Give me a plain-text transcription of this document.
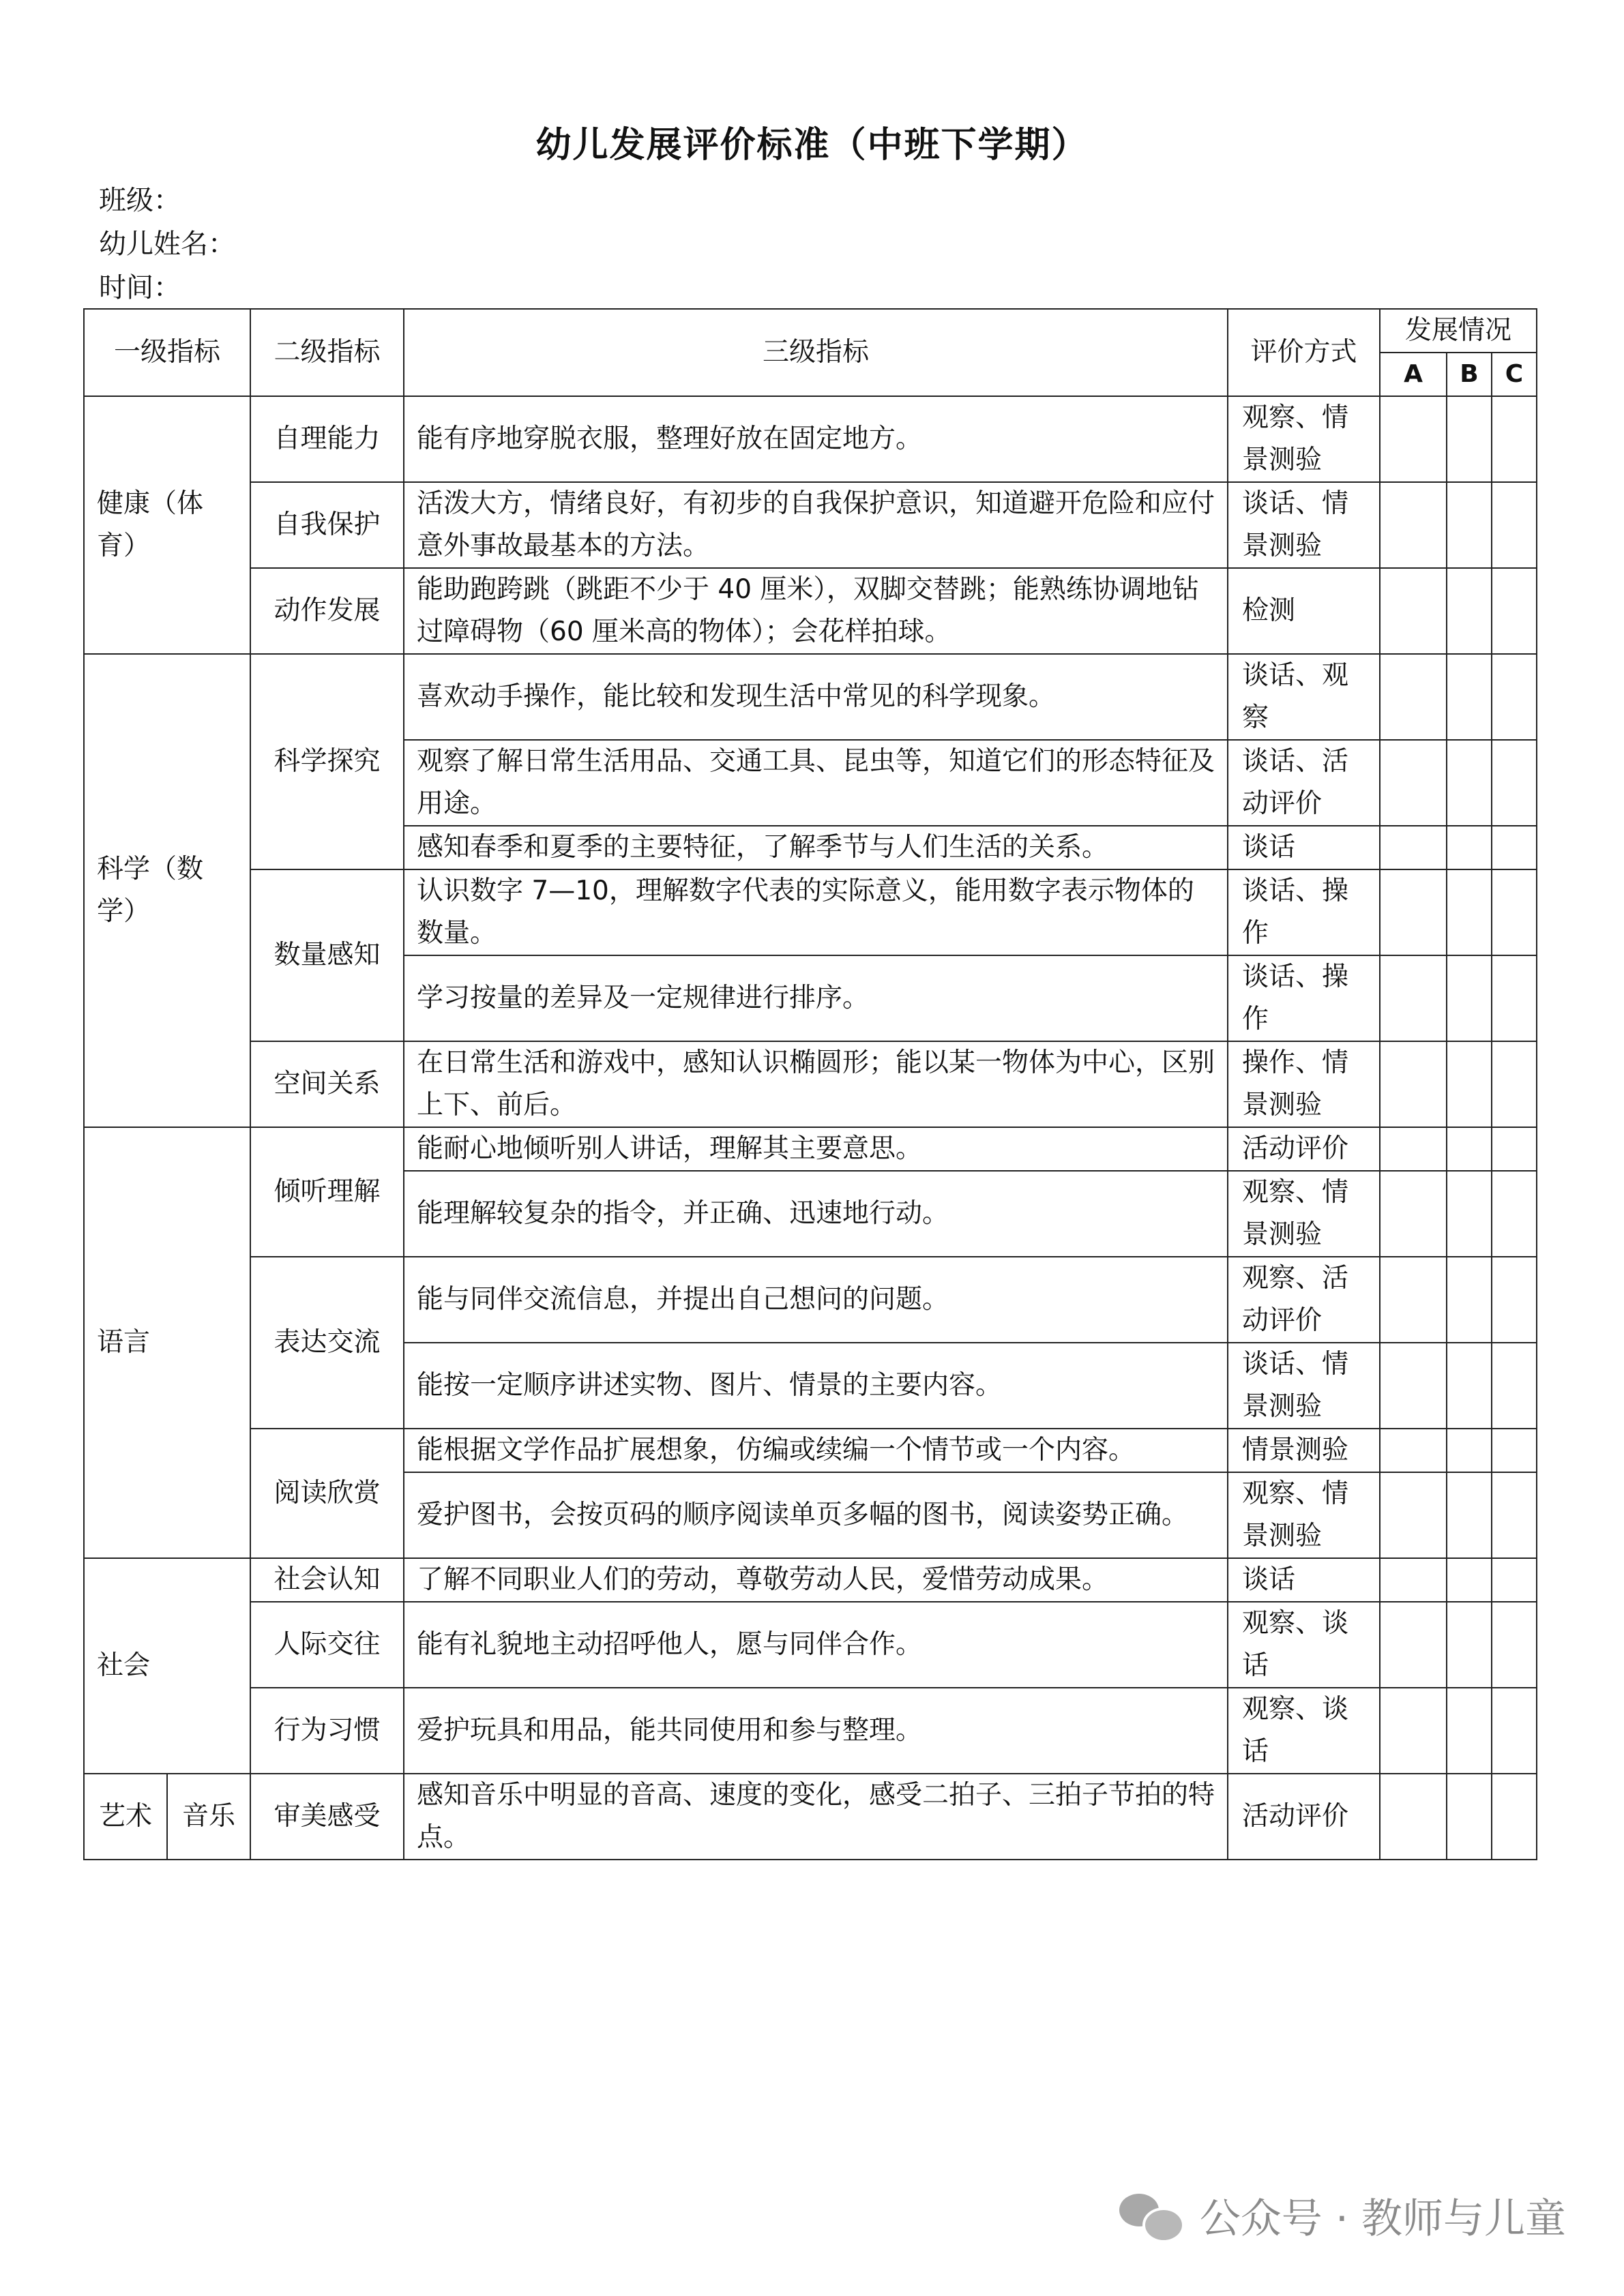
幼儿发展评价标准（中班下学期）
班级：
幼儿姓名：
时间：
一级指标		二级指标	三级指标	评价方式	发展情况		
					A	B	C
健康（体育）		自理能力	能有序地穿脱衣服，整理好放在固定地方。	观察、情景测验			
		自我保护	活泼大方，情绪良好，有初步的自我保护意识，知道避开危险和应付意外事故最基本的方法。	谈话、情景测验			
		动作发展	能助跑跨跳（跳距不少于 40 厘米），双脚交替跳；能熟练协调地钻过障碍物（60 厘米高的物体）；会花样拍球。	检测			
科学（数学）		科学探究	喜欢动手操作，能比较和发现生活中常见的科学现象。	谈话、观察			
			观察了解日常生活用品、交通工具、昆虫等，知道它们的形态特征及用途。	谈话、活动评价			
			感知春季和夏季的主要特征，了解季节与人们生活的关系。	谈话			
		数量感知	认识数字 7—10，理解数字代表的实际意义，能用数字表示物体的数量。	谈话、操作			
			学习按量的差异及一定规律进行排序。	谈话、操作			
		空间关系	在日常生活和游戏中，感知认识椭圆形；能以某一物体为中心，区别上下、前后。	操作、情景测验			
语言		倾听理解	能耐心地倾听别人讲话，理解其主要意思。	活动评价			
			能理解较复杂的指令，并正确、迅速地行动。	观察、情景测验			
		表达交流	能与同伴交流信息，并提出自己想问的问题。	观察、活动评价			
			能按一定顺序讲述实物、图片、情景的主要内容。	谈话、情景测验			
		阅读欣赏	能根据文学作品扩展想象，仿编或续编一个情节或一个内容。	情景测验			
			爱护图书，会按页码的顺序阅读单页多幅的图书，阅读姿势正确。	观察、情景测验			
社会		社会认知	了解不同职业人们的劳动，尊敬劳动人民，爱惜劳动成果。	谈话			
		人际交往	能有礼貌地主动招呼他人，愿与同伴合作。	观察、谈话			
		行为习惯	爱护玩具和用品，能共同使用和参与整理。	观察、谈话			
艺术	音乐	审美感受	感知音乐中明显的音高、速度的变化，感受二拍子、三拍子节拍的特点。	活动评价			
公众号 · 教师与儿童
